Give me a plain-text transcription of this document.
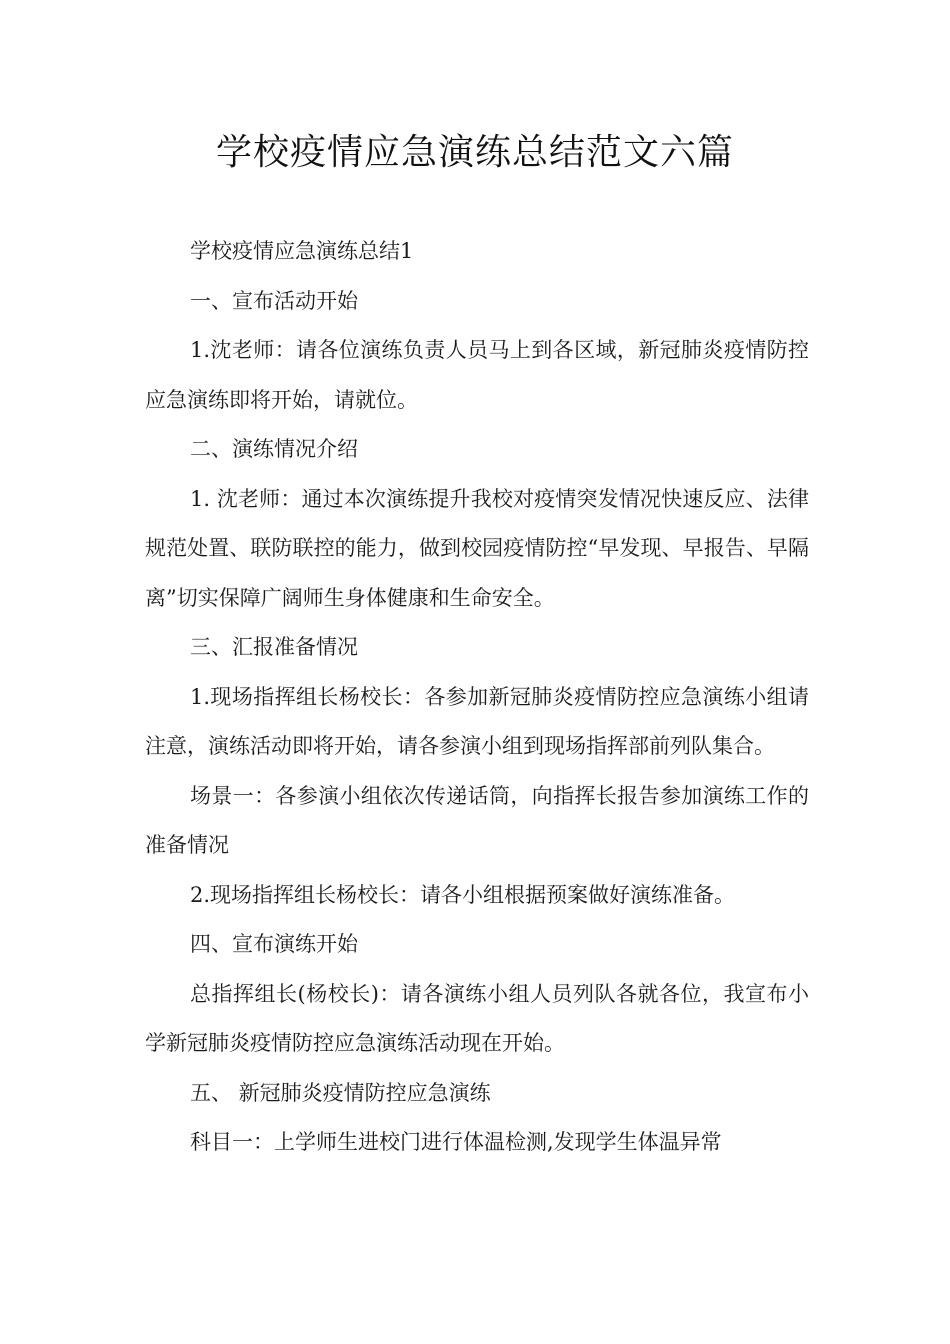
学校疫情应急演练总结范文六篇

学校疫情应急演练总结1

一、宣布活动开始

1.沈老师：请各位演练负责人员马上到各区域，新冠肺炎疫情防控应急演练即将开始，请就位。

二、演练情况介绍

1. 沈老师：通过本次演练提升我校对疫情突发情况快速反应、法律规范处置、联防联控的能力，做到校园疫情防控“早发现、早报告、早隔离”切实保障广阔师生身体健康和生命安全。

三、汇报准备情况

1.现场指挥组长杨校长：各参加新冠肺炎疫情防控应急演练小组请注意，演练活动即将开始，请各参演小组到现场指挥部前列队集合。

场景一：各参演小组依次传递话筒，向指挥长报告参加演练工作的准备情况

2.现场指挥组长杨校长：请各小组根据预案做好演练准备。

四、宣布演练开始

总指挥组长(杨校长)：请各演练小组人员列队各就各位，我宣布小学新冠肺炎疫情防控应急演练活动现在开始。

五、 新冠肺炎疫情防控应急演练

科目一：上学师生进校门进行体温检测,发现学生体温异常
